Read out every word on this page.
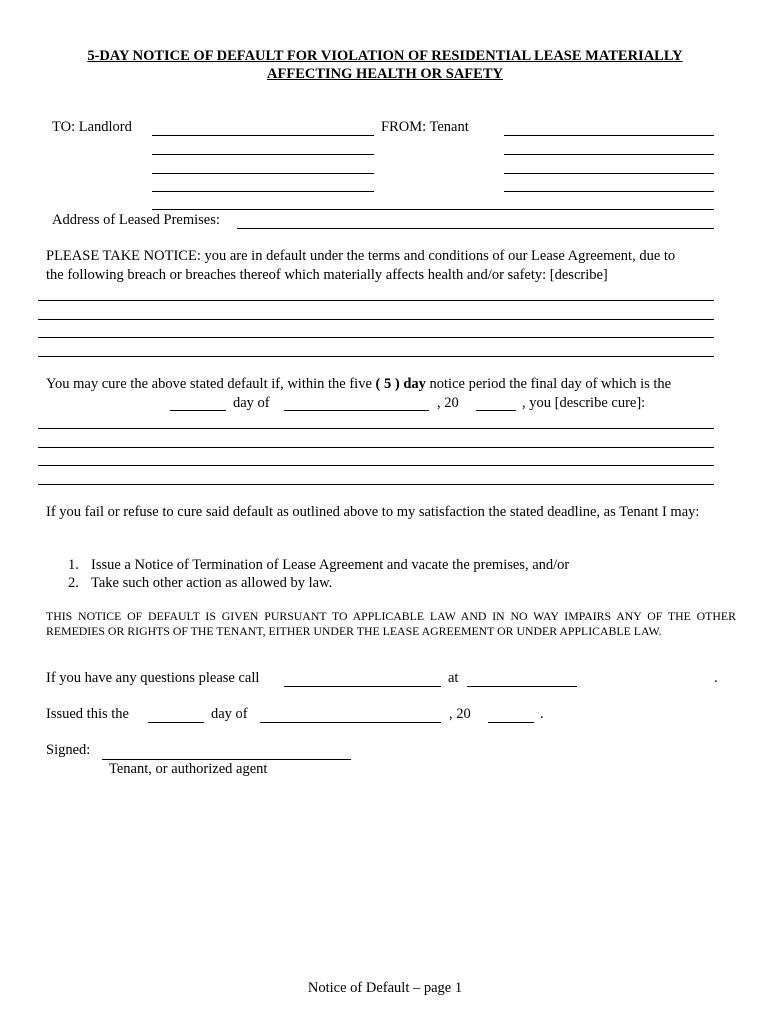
5-DAY NOTICE OF DEFAULT FOR VIOLATION OF RESIDENTIAL LEASE MATERIALLY
AFFECTING HEALTH OR SAFETY
TO: Landlord	FROM: Tenant
Address of Leased Premises:
PLEASE TAKE NOTICE: you are in default under the terms and conditions of our Lease Agreement, due to
the following breach or breaches thereof which materially affects health and/or safety: [describe]
You may cure the above stated default if, within the five ( 5 ) day notice period the final day of which is the
day of	, 20	, you [describe cure]:
If you fail or refuse to cure said default as outlined above to my satisfaction the stated deadline, as Tenant I may:
1. Issue a Notice of Termination of Lease Agreement and vacate the premises, and/or
2. Take such other action as allowed by law.
THIS NOTICE OF DEFAULT IS GIVEN PURSUANT TO APPLICABLE LAW AND IN NO WAY IMPAIRS ANY OF THE OTHER REMEDIES OR RIGHTS OF THE TENANT, EITHER UNDER THE LEASE AGREEMENT OR UNDER APPLICABLE LAW.
If you have any questions please call	at	.
Issued this the	day of	, 20	.
Signed:
Tenant, or authorized agent
Notice of Default – page 1
